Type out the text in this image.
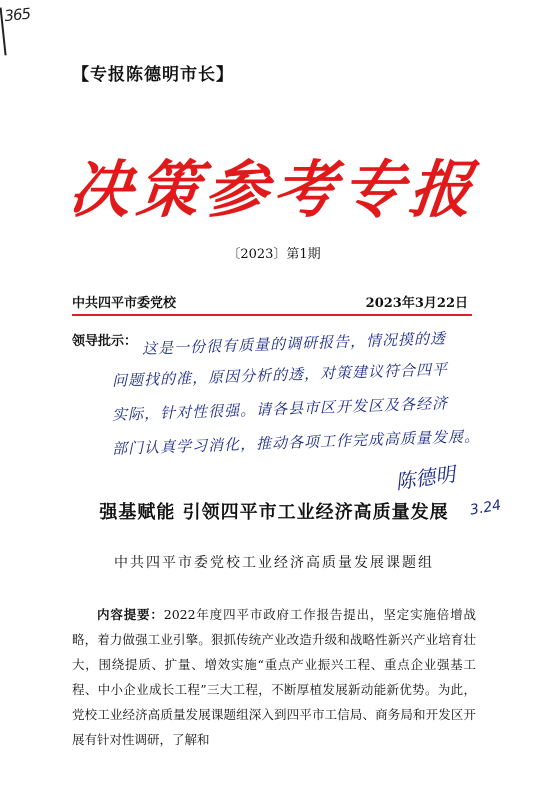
365
【专报陈德明市长】
决策参考专报
〔2023〕第1期
中共四平市委党校	2023年3月22日
领导批示： 这是一份很有质量的调研报告，情况摸的透
问题找的准，原因分析的透，对策建议符合四平
实际，针对性很强。请各县市区开发区及各经济
部门认真学习消化，推动各项工作完成高质量发展。
陈德明
3.24
强基赋能 引领四平市工业经济高质量发展
中共四平市委党校工业经济高质量发展课题组

内容提要：2022年度四平市政府工作报告提出，坚定实施倍增战略，着力做强工业引擎。狠抓传统产业改造升级和战略性新兴产业培育壮大，围绕提质、扩量、增效实施“重点产业振兴工程、重点企业强基工程、中小企业成长工程”三大工程，不断厚植发展新动能新优势。为此，党校工业经济高质量发展课题组深入到四平市工信局、商务局和开发区开展有针对性调研，了解和
